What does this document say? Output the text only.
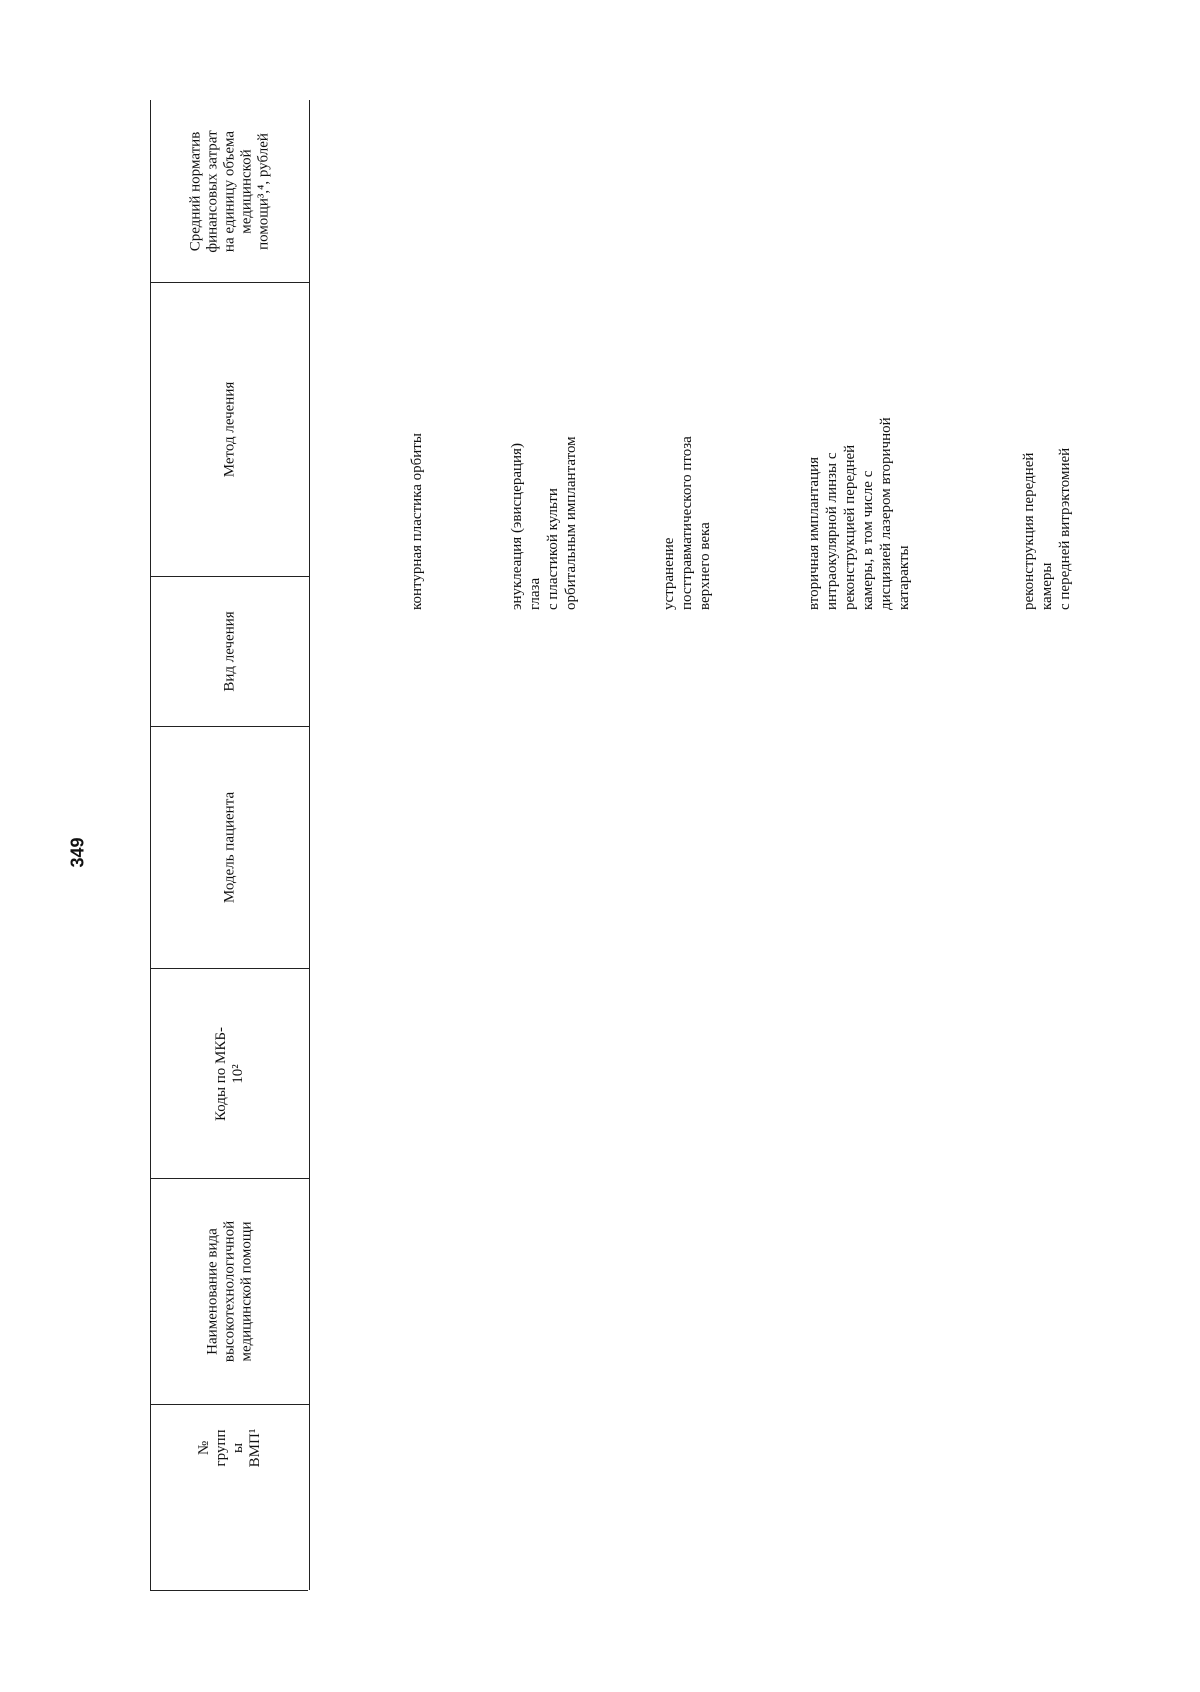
349
Средний норматив
финансовых затрат
на единицу объема
медицинской
помощи³,⁴, рублей
Метод лечения
Вид лечения
Модель пациента
Коды по МКБ-
10²
Наименование вида
высокотехнологичной
медицинской помощи
№
групп
ы
ВМП¹
контурная пластика орбиты	энуклеация (эвисцерация)
глаза
с пластикой культи
орбитальным имплантатом
устранение
посттравматического птоза
верхнего века
вторичная имплантация
интраокулярной линзы с
реконструкцией передней
камеры, в том числе с
дисцизией лазером вторичной
катаракты	реконструкция передней
камеры
с передней витрэктомией
